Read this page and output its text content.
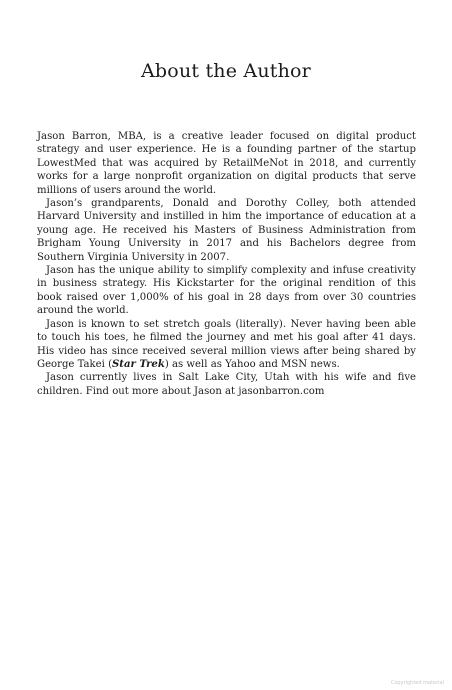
About the Author

Jason Barron, MBA, is a creative leader focused on digital product strategy and user experience. He is a founding partner of the startup LowestMed that was acquired by RetailMeNot in 2018, and currently works for a large nonprofit organization on digital products that serve millions of users around the world.

Jason’s grandparents, Donald and Dorothy Colley, both attended Harvard University and instilled in him the importance of education at a young age. He received his Masters of Business Administration from Brigham Young University in 2017 and his Bachelors degree from Southern Virginia University in 2007.

Jason has the unique ability to simplify complexity and infuse creativity in business strategy. His Kickstarter for the original rendition of this book raised over 1,000% of his goal in 28 days from over 30 countries around the world.

Jason is known to set stretch goals (literally). Never having been able to touch his toes, he filmed the journey and met his goal after 41 days. His video has since received several million views after being shared by George Takei (Star Trek) as well as Yahoo and MSN news.

Jason currently lives in Salt Lake City, Utah with his wife and five children. Find out more about Jason at jasonbarron.com

Copyrighted material
